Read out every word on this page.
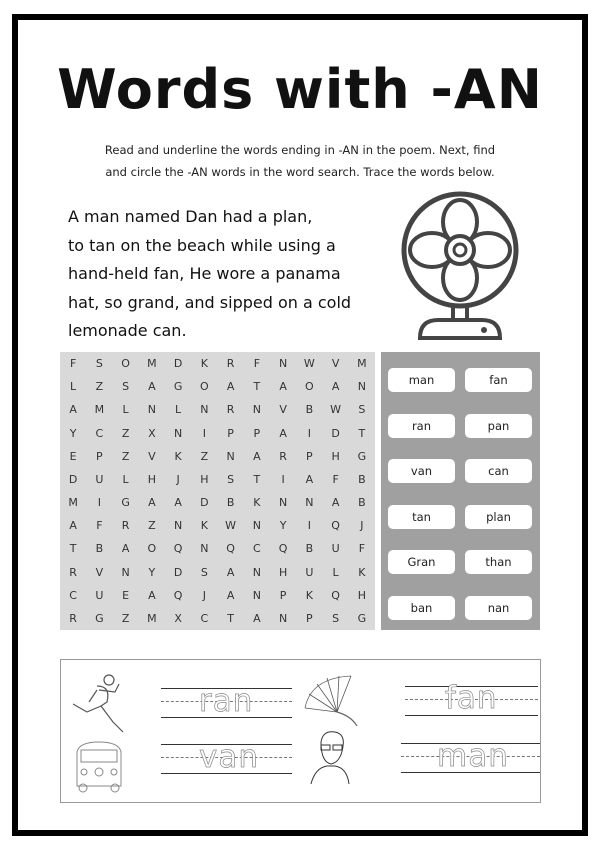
Words with -AN
Read and underline the words ending in -AN in the poem. Next, find
and circle the -AN words in the word search. Trace the words below.
A man named Dan had a plan,
to tan on the beach while using a
hand-held fan, He wore a panama
hat, so grand, and sipped on a cold
lemonade can.
F	S	O	M	D	K	R	F	N	W	V	M
L	Z	S	A	G	O	A	T	A	O	A	N
A	M	L	N	L	N	R	N	V	B	W	S
Y	C	Z	X	N	I	P	P	A	I	D	T
E	P	Z	V	K	Z	N	A	R	P	H	G
D	U	L	H	J	H	S	T	I	A	F	B
M	I	G	A	A	D	B	K	N	N	A	B
A	F	R	Z	N	K	W	N	Y	I	Q	J
T	B	A	O	Q	N	Q	C	Q	B	U	F
R	V	N	Y	D	S	A	N	H	U	L	K
C	U	E	A	Q	J	A	N	P	K	Q	H
R	G	Z	M	X	C	T	A	N	P	S	G
man	fan
ran	pan
van	can
tan	plan
Gran	than
ban	nan
ran
van
fan
man
